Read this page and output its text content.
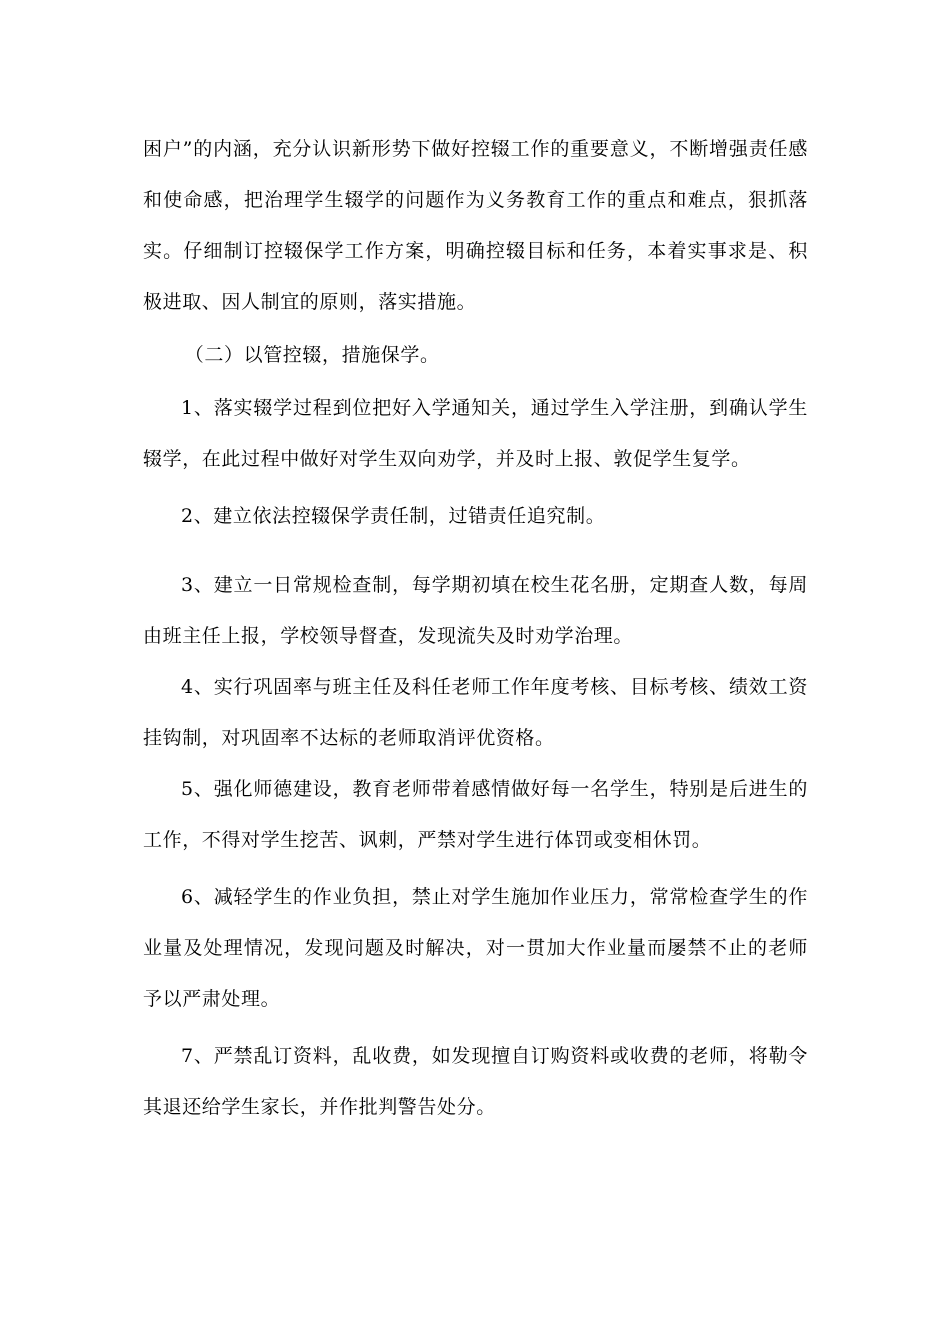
困户”的内涵，充分认识新形势下做好控辍工作的重要意义，不断增强责任感和使命感，把治理学生辍学的问题作为义务教育工作的重点和难点，狠抓落实。仔细制订控辍保学工作方案，明确控辍目标和任务，本着实事求是、积极进取、因人制宜的原则，落实措施。

（二）以管控辍，措施保学。

1、落实辍学过程到位把好入学通知关，通过学生入学注册，到确认学生辍学，在此过程中做好对学生双向劝学，并及时上报、敦促学生复学。

2、建立依法控辍保学责任制，过错责任追究制。

3、建立一日常规检查制，每学期初填在校生花名册，定期查人数，每周由班主任上报，学校领导督查，发现流失及时劝学治理。

4、实行巩固率与班主任及科任老师工作年度考核、目标考核、绩效工资挂钩制，对巩固率不达标的老师取消评优资格。

5、强化师德建设，教育老师带着感情做好每一名学生，特别是后进生的工作，不得对学生挖苦、讽刺，严禁对学生进行体罚或变相休罚。

6、减轻学生的作业负担，禁止对学生施加作业压力，常常检查学生的作业量及处理情况，发现问题及时解决，对一贯加大作业量而屡禁不止的老师予以严肃处理。

7、严禁乱订资料，乱收费，如发现擅自订购资料或收费的老师，将勒令其退还给学生家长，并作批判警告处分。
